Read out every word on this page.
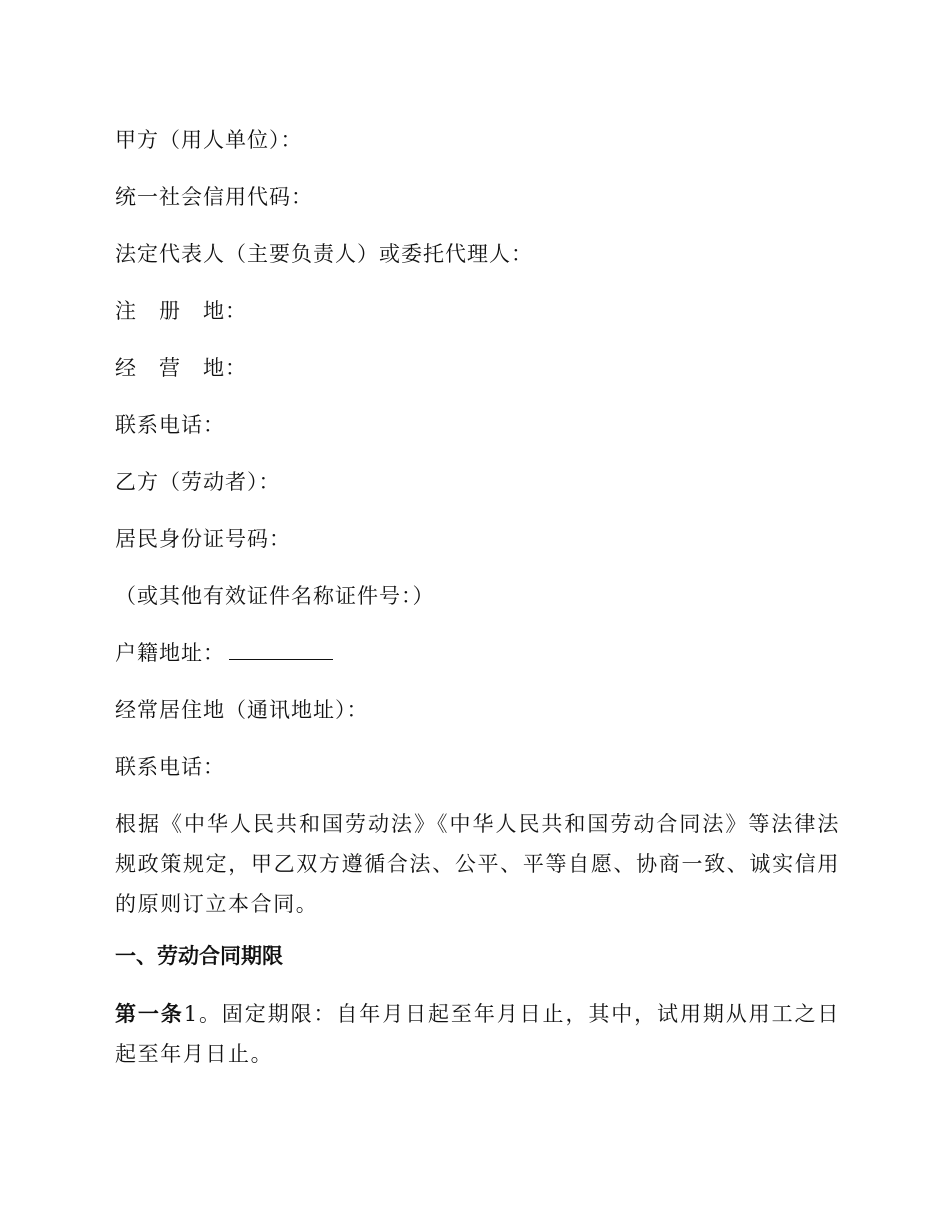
甲方（用人单位）：
统一社会信用代码：
法定代表人（主要负责人）或委托代理人：
注　册　地：
经　营　地：
联系电话：
乙方（劳动者）：
居民身份证号码：
（或其他有效证件名称证件号：）
户籍地址：
经常居住地（通讯地址）：
联系电话：
根据《中华人民共和国劳动法》《中华人民共和国劳动合同法》等法律法规政策规定，甲乙双方遵循合法、公平、平等自愿、协商一致、诚实信用的原则订立本合同。
一、劳动合同期限
第一条1。固定期限：自年月日起至年月日止，其中，试用期从用工之日起至年月日止。
